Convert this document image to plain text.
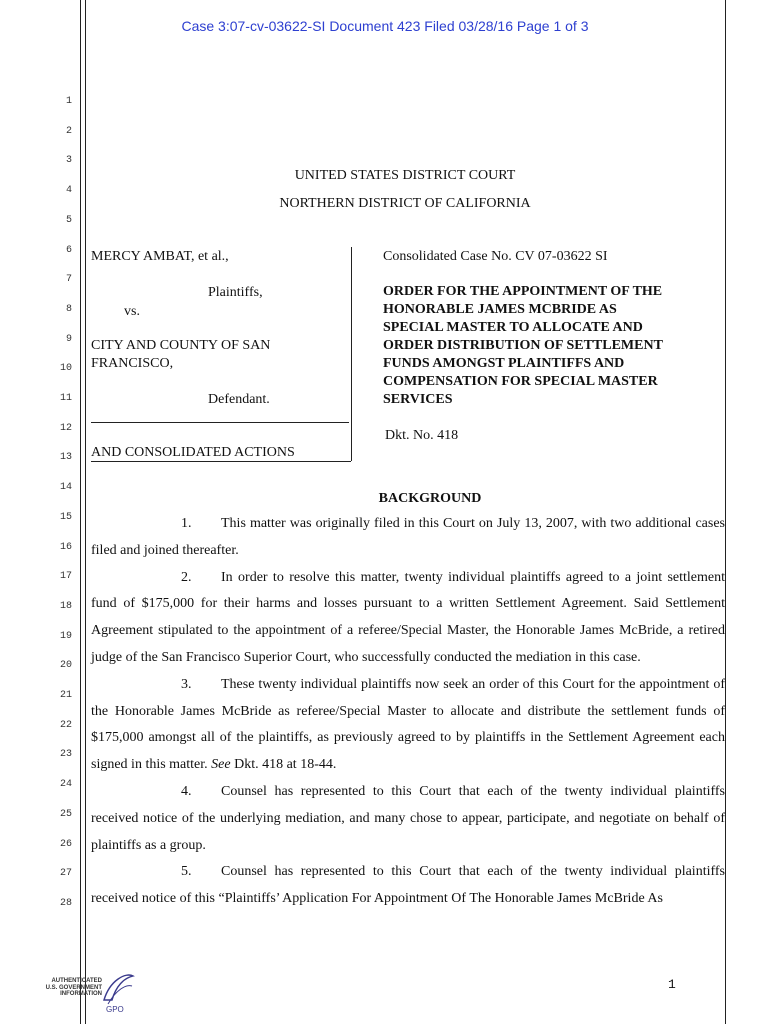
Case 3:07-cv-03622-SI Document 423 Filed 03/28/16 Page 1 of 3
1
2
3
4
5
6
7
8
9
10
11
12
13
14
15
16
17
18
19
20
21
22
23
24
25
26
27
28
UNITED STATES DISTRICT COURT
NORTHERN DISTRICT OF CALIFORNIA
MERCY AMBAT, et al.,
Plaintiffs,
vs.
CITY AND COUNTY OF SAN
FRANCISCO,
Defendant.
AND CONSOLIDATED ACTIONS
Consolidated Case No. CV 07-03622 SI
ORDER FOR THE APPOINTMENT OF THE
HONORABLE JAMES MCBRIDE AS
SPECIAL MASTER TO ALLOCATE AND
ORDER DISTRIBUTION OF SETTLEMENT
FUNDS AMONGST PLAINTIFFS AND
COMPENSATION FOR SPECIAL MASTER
SERVICES
Dkt. No. 418
BACKGROUND
1. This matter was originally filed in this Court on July 13, 2007, with two additional cases filed and joined thereafter.
2. In order to resolve this matter, twenty individual plaintiffs agreed to a joint settlement fund of $175,000 for their harms and losses pursuant to a written Settlement Agreement. Said Settlement Agreement stipulated to the appointment of a referee/Special Master, the Honorable James McBride, a retired judge of the San Francisco Superior Court, who successfully conducted the mediation in this case.
3. These twenty individual plaintiffs now seek an order of this Court for the appointment of the Honorable James McBride as referee/Special Master to allocate and distribute the settlement funds of $175,000 amongst all of the plaintiffs, as previously agreed to by plaintiffs in the Settlement Agreement each signed in this matter. See Dkt. 418 at 18-44.
4. Counsel has represented to this Court that each of the twenty individual plaintiffs received notice of the underlying mediation, and many chose to appear, participate, and negotiate on behalf of plaintiffs as a group.
5. Counsel has represented to this Court that each of the twenty individual plaintiffs received notice of this “Plaintiffs’ Application For Appointment Of The Honorable James McBride As
1
AUTHENTICATED
U.S. GOVERNMENT
INFORMATION
GPO
